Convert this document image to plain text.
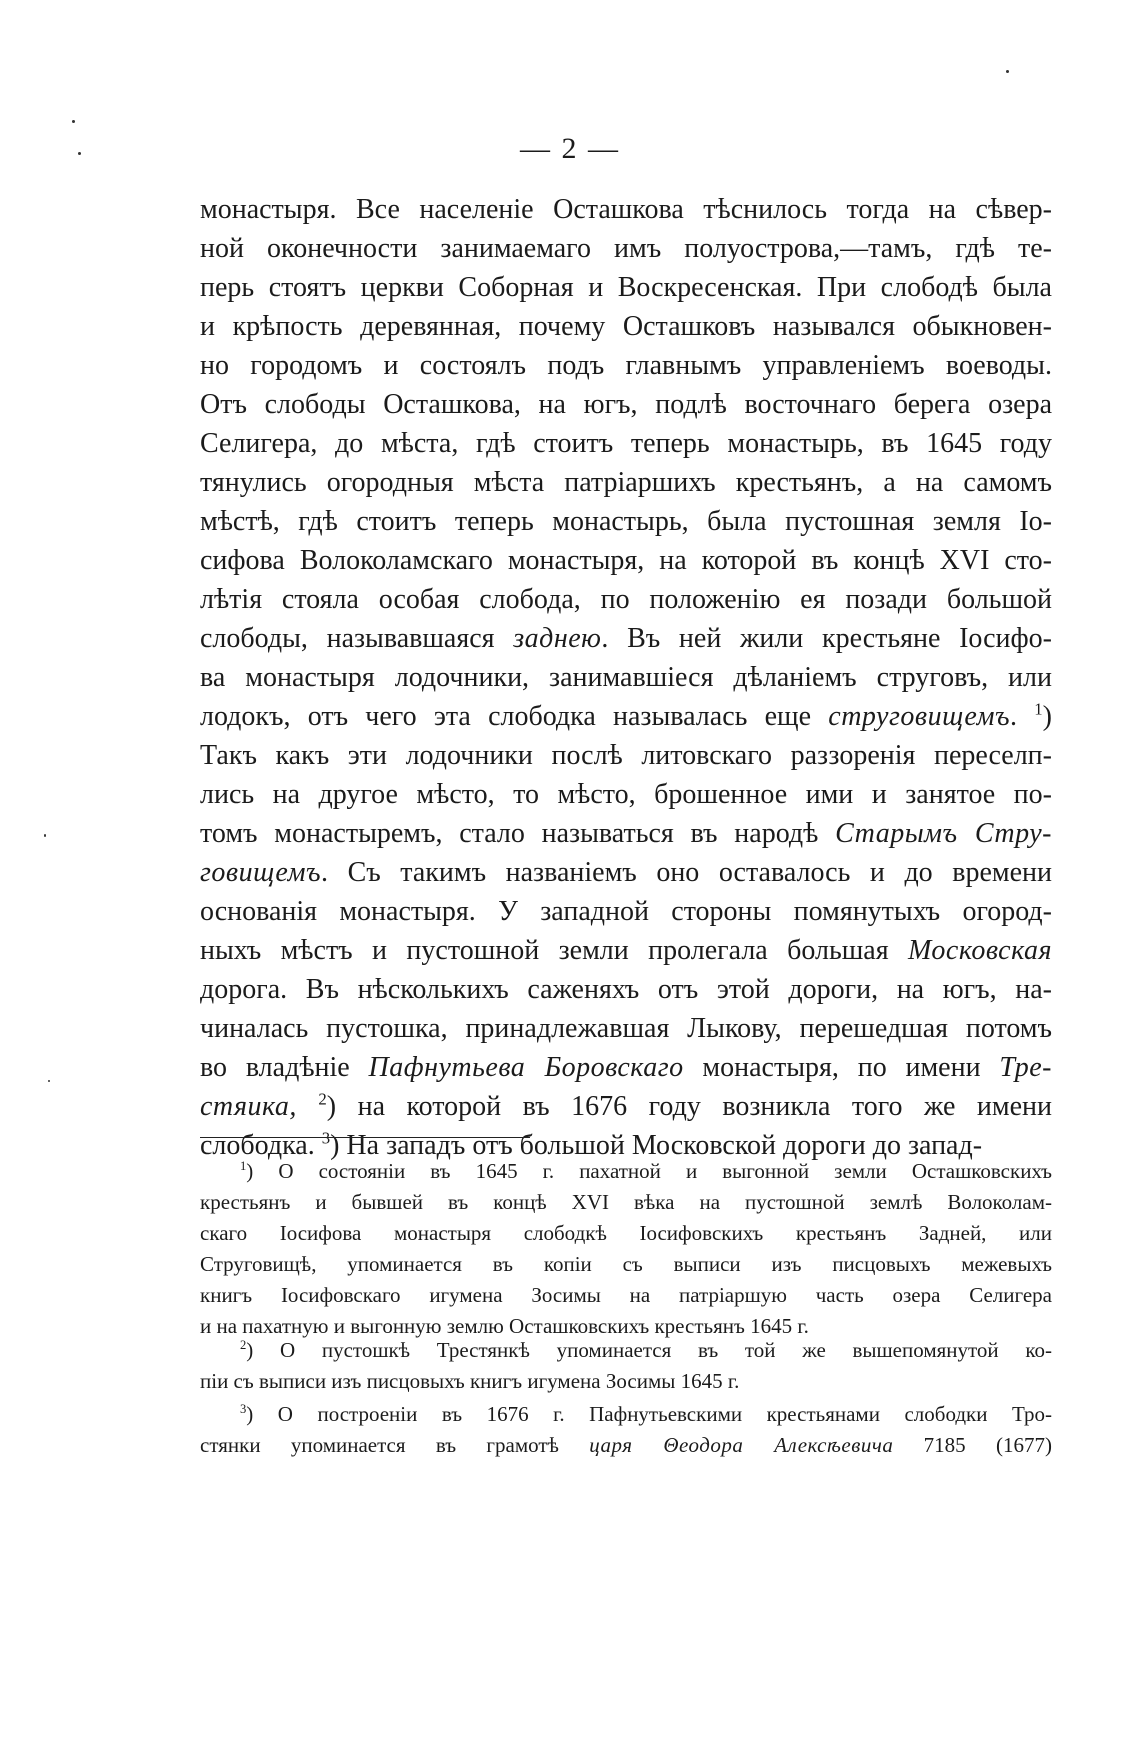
— 2 —
монастыря. Все населеніе Осташкова тѣснилось тогда на сѣвер-
ной оконечности занимаемаго имъ полуострова,—тамъ, гдѣ те-
перь стоятъ церкви Соборная и Воскресенская. При слободѣ была
и крѣпость деревянная, почему Осташковъ назывался обыкновен-
но городомъ и состоялъ подъ главнымъ управленіемъ воеводы.
Отъ слободы Осташкова, на югъ, подлѣ восточнаго берега озера
Селигера, до мѣста, гдѣ стоитъ теперь монастырь, въ 1645 году
тянулись огородныя мѣста патріаршихъ крестьянъ, а на самомъ
мѣстѣ, гдѣ стоитъ теперь монастырь, была пустошная земля Іо-
сифова Волоколамскаго монастыря, на которой въ концѣ XVI сто-
лѣтія стояла особая слобода, по положенію ея позади большой
слободы, называвшаяся заднею. Въ ней жили крестьяне Іосифо-
ва монастыря лодочники, занимавшіеся дѣланіемъ струговъ, или
лодокъ, отъ чего эта слободка называлась еще струговищемъ. $^1$)
Такъ какъ эти лодочники послѣ литовскаго раззоренія переселп-
лись на другое мѣсто, то мѣсто, брошенное ими и занятое по-
томъ монастыремъ, стало называться въ народѣ Старымъ Стру-
говищемъ. Съ такимъ названіемъ оно оставалось и до времени
основанія монастыря. У западной стороны помянутыхъ огород-
ныхъ мѣстъ и пустошной земли пролегала большая Московская
дорога. Въ нѣсколькихъ саженяхъ отъ этой дороги, на югъ, на-
чиналась пустошка, принадлежавшая Лыкову, перешедшая потомъ
во владѣніе Пафнутьева Боровскаго монастыря, по имени Тре-
стяика, $^2$) на которой въ 1676 году возникла того же имени
слободка. $^3$) На западъ отъ большой Московской дороги до запад-
$^1$) О состояніи въ 1645 г. пахатной и выгонной земли Осташковскихъ
крестьянъ и бывшей въ концѣ XVI вѣка на пустошной землѣ Волоколам-
скаго Іосифова монастыря слободкѣ Іосифовскихъ крестьянъ Задней, или
Струговищѣ, упоминается въ копіи съ выписи изъ писцовыхъ межевыхъ
книгъ Іосифовскаго игумена Зосимы на патріаршую часть озера Селигера
и на пахатную и выгонную землю Осташковскихъ крестьянъ 1645 г.
$^2$) О пустошкѣ Трестянкѣ упоминается въ той же вышепомянутой ко-
піи съ выписи изъ писцовыхъ книгъ игумена Зосимы 1645 г.
$^3$) О построеніи въ 1676 г. Пафнутьевскими крестьянами слободки Тро-
стянки упоминается въ грамотѣ царя Θеодора Алексѣевича 7185 (1677)
